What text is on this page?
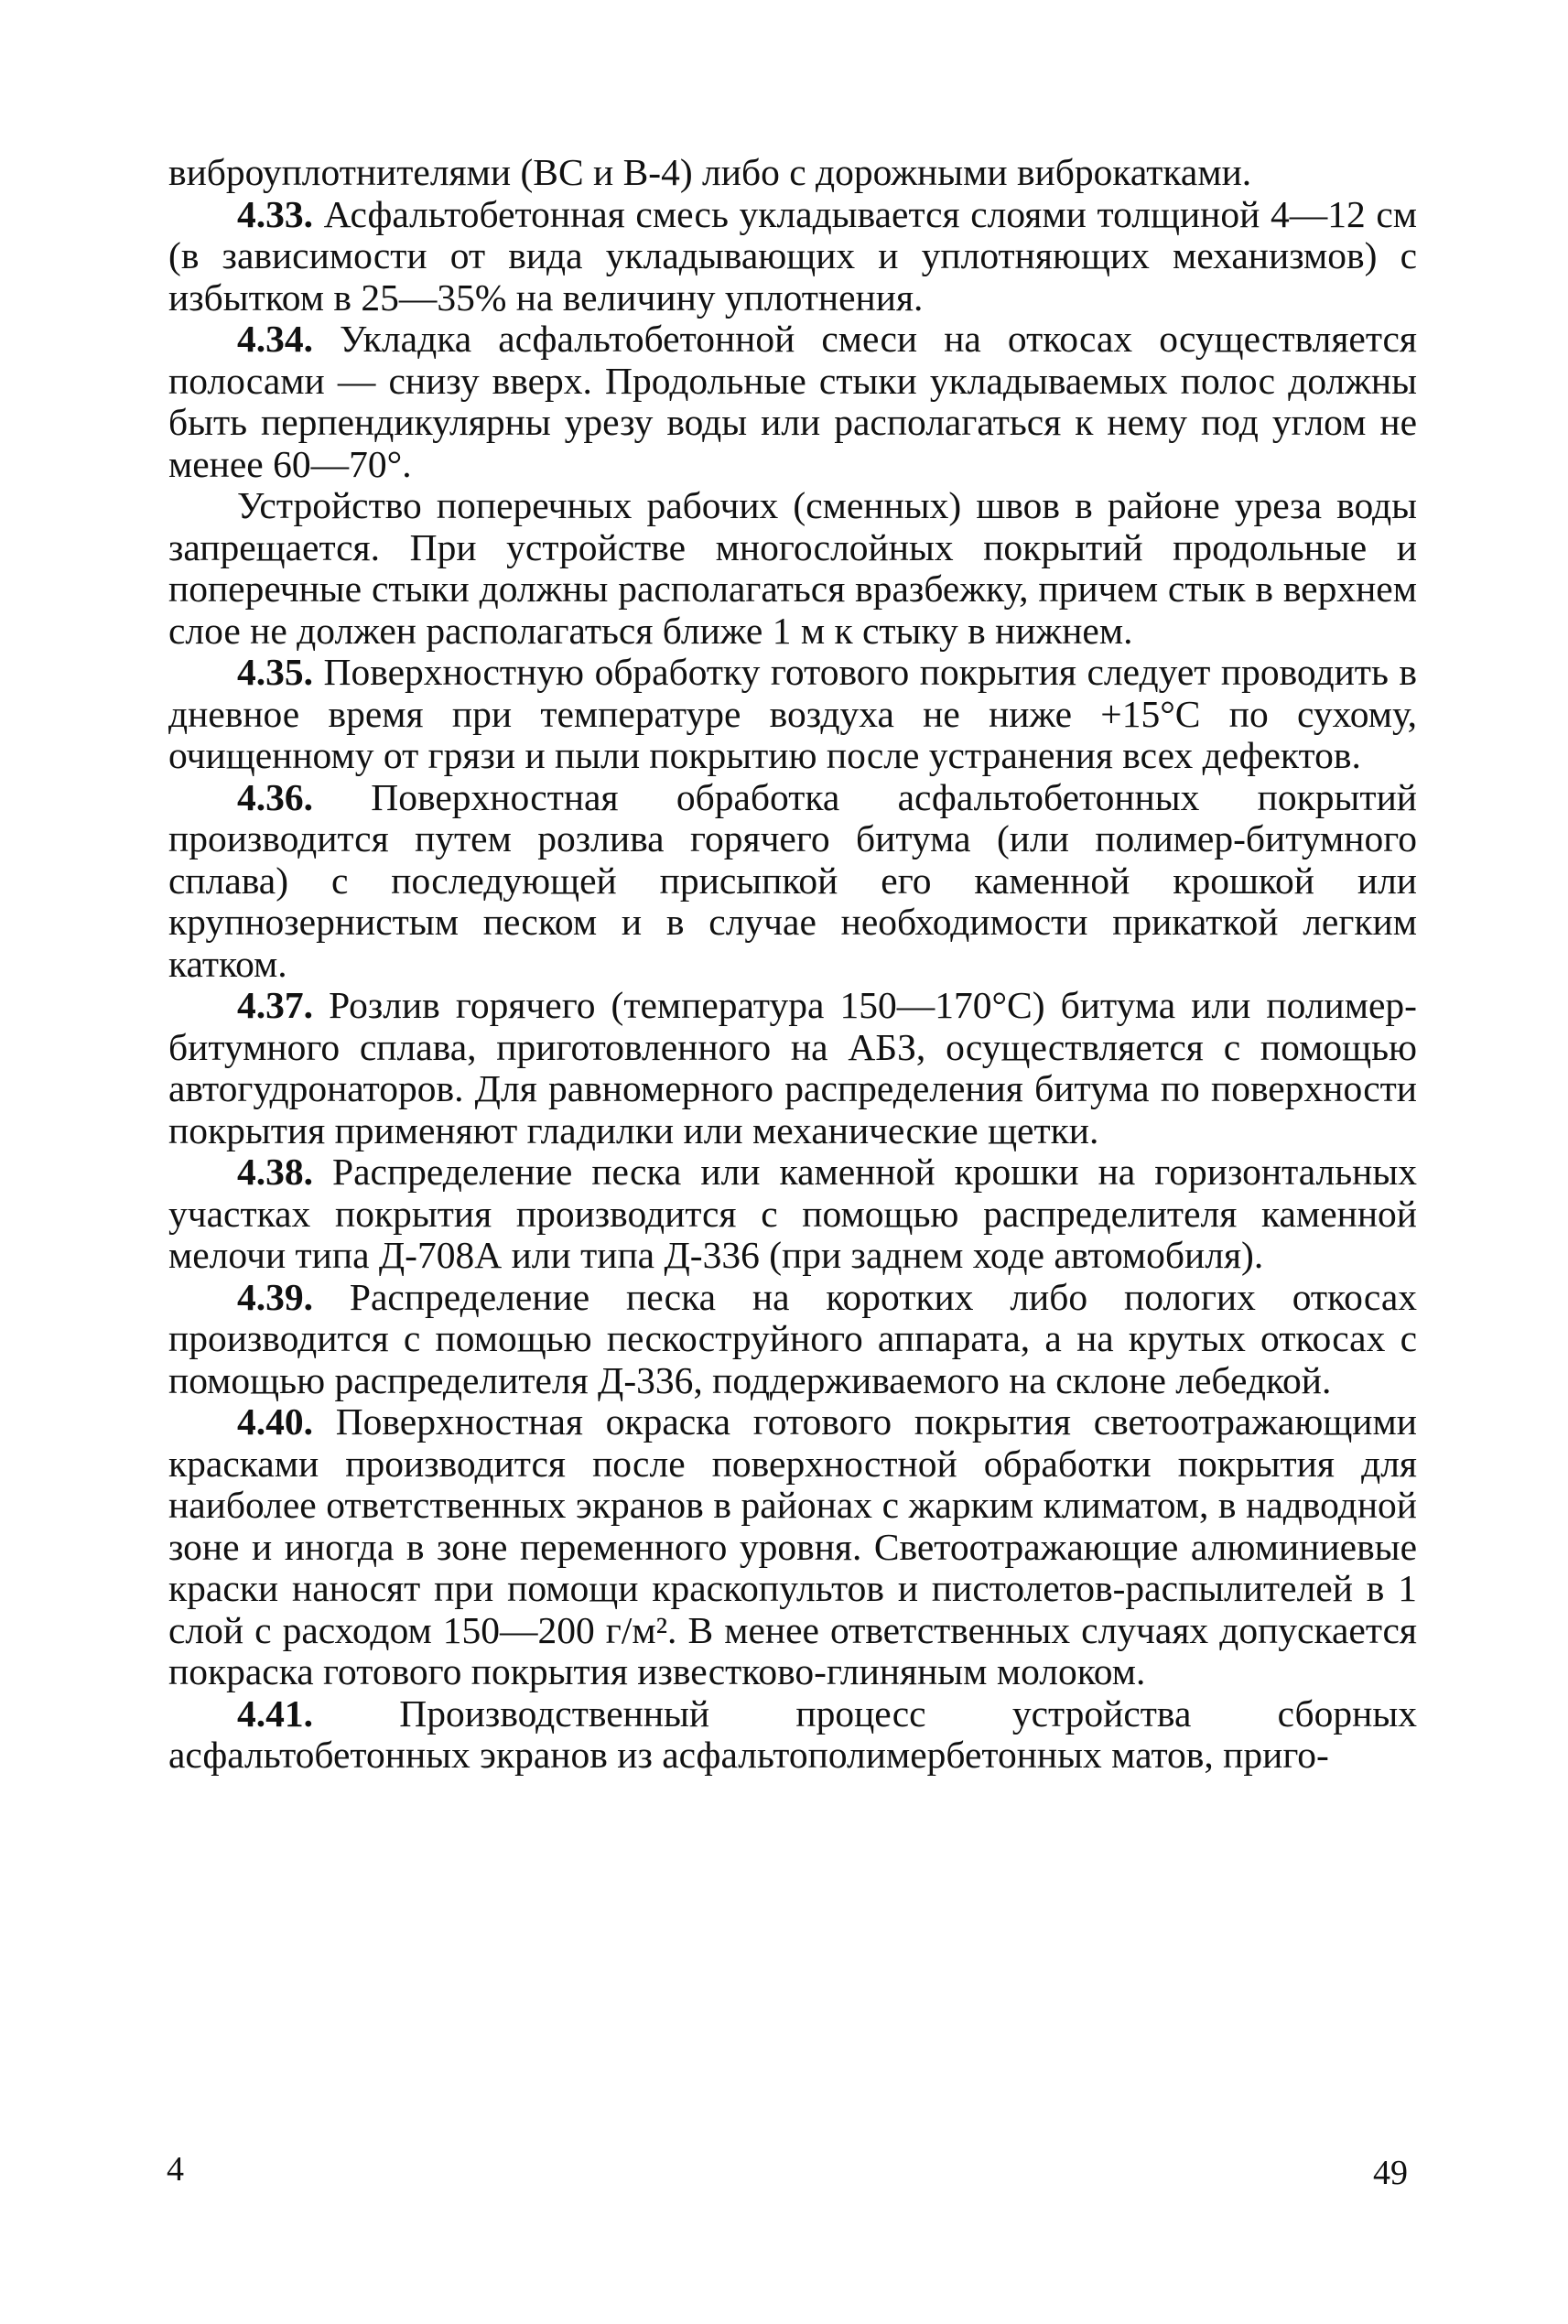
виброуплотнителями (ВС и В-4) либо с дорожными виброкатками.

4.33. Асфальтобетонная смесь укладывается слоями толщиной 4—12 см (в зависимости от вида укладывающих и уплотняющих механизмов) с избытком в 25—35% на величину уплотнения.

4.34. Укладка асфальтобетонной смеси на откосах осуществляется полосами — снизу вверх. Продольные стыки укладываемых полос должны быть перпендикулярны урезу воды или располагаться к нему под углом не менее 60—70°.

Устройство поперечных рабочих (сменных) швов в районе уреза воды запрещается. При устройстве многослойных покрытий продольные и поперечные стыки должны располагаться вразбежку, причем стык в верхнем слое не должен располагаться ближе 1 м к стыку в нижнем.

4.35. Поверхностную обработку готового покрытия следует проводить в дневное время при температуре воздуха не ниже +15°С по сухому, очищенному от грязи и пыли покрытию после устранения всех дефектов.

4.36. Поверхностная обработка асфальтобетонных покрытий производится путем розлива горячего битума (или полимер-битумного сплава) с последующей присыпкой его каменной крошкой или крупнозернистым песком и в случае необходимости прикаткой легким катком.

4.37. Розлив горячего (температура 150—170°С) битума или полимер-битумного сплава, приготовленного на АБЗ, осуществляется с помощью автогудронаторов. Для равномерного распределения битума по поверхности покрытия применяют гладилки или механические щетки.

4.38. Распределение песка или каменной крошки на горизонтальных участках покрытия производится с помощью распределителя каменной мелочи типа Д-708А или типа Д-336 (при заднем ходе автомобиля).

4.39. Распределение песка на коротких либо пологих откосах производится с помощью пескоструйного аппарата, а на крутых откосах с помощью распределителя Д-336, поддерживаемого на склоне лебедкой.

4.40. Поверхностная окраска готового покрытия светоотражающими красками производится после поверхностной обработки покрытия для наиболее ответственных экранов в районах с жарким климатом, в надводной зоне и иногда в зоне переменного уровня. Светоотражающие алюминиевые краски наносят при помощи краскопультов и пистолетов-распылителей в 1 слой с расходом 150—200 г/м². В менее ответственных случаях допускается покраска готового покрытия известково-глиняным молоком.

4.41. Производственный процесс устройства сборных асфальтобетонных экранов из асфальтополимербетонных матов, приго-

4	49
